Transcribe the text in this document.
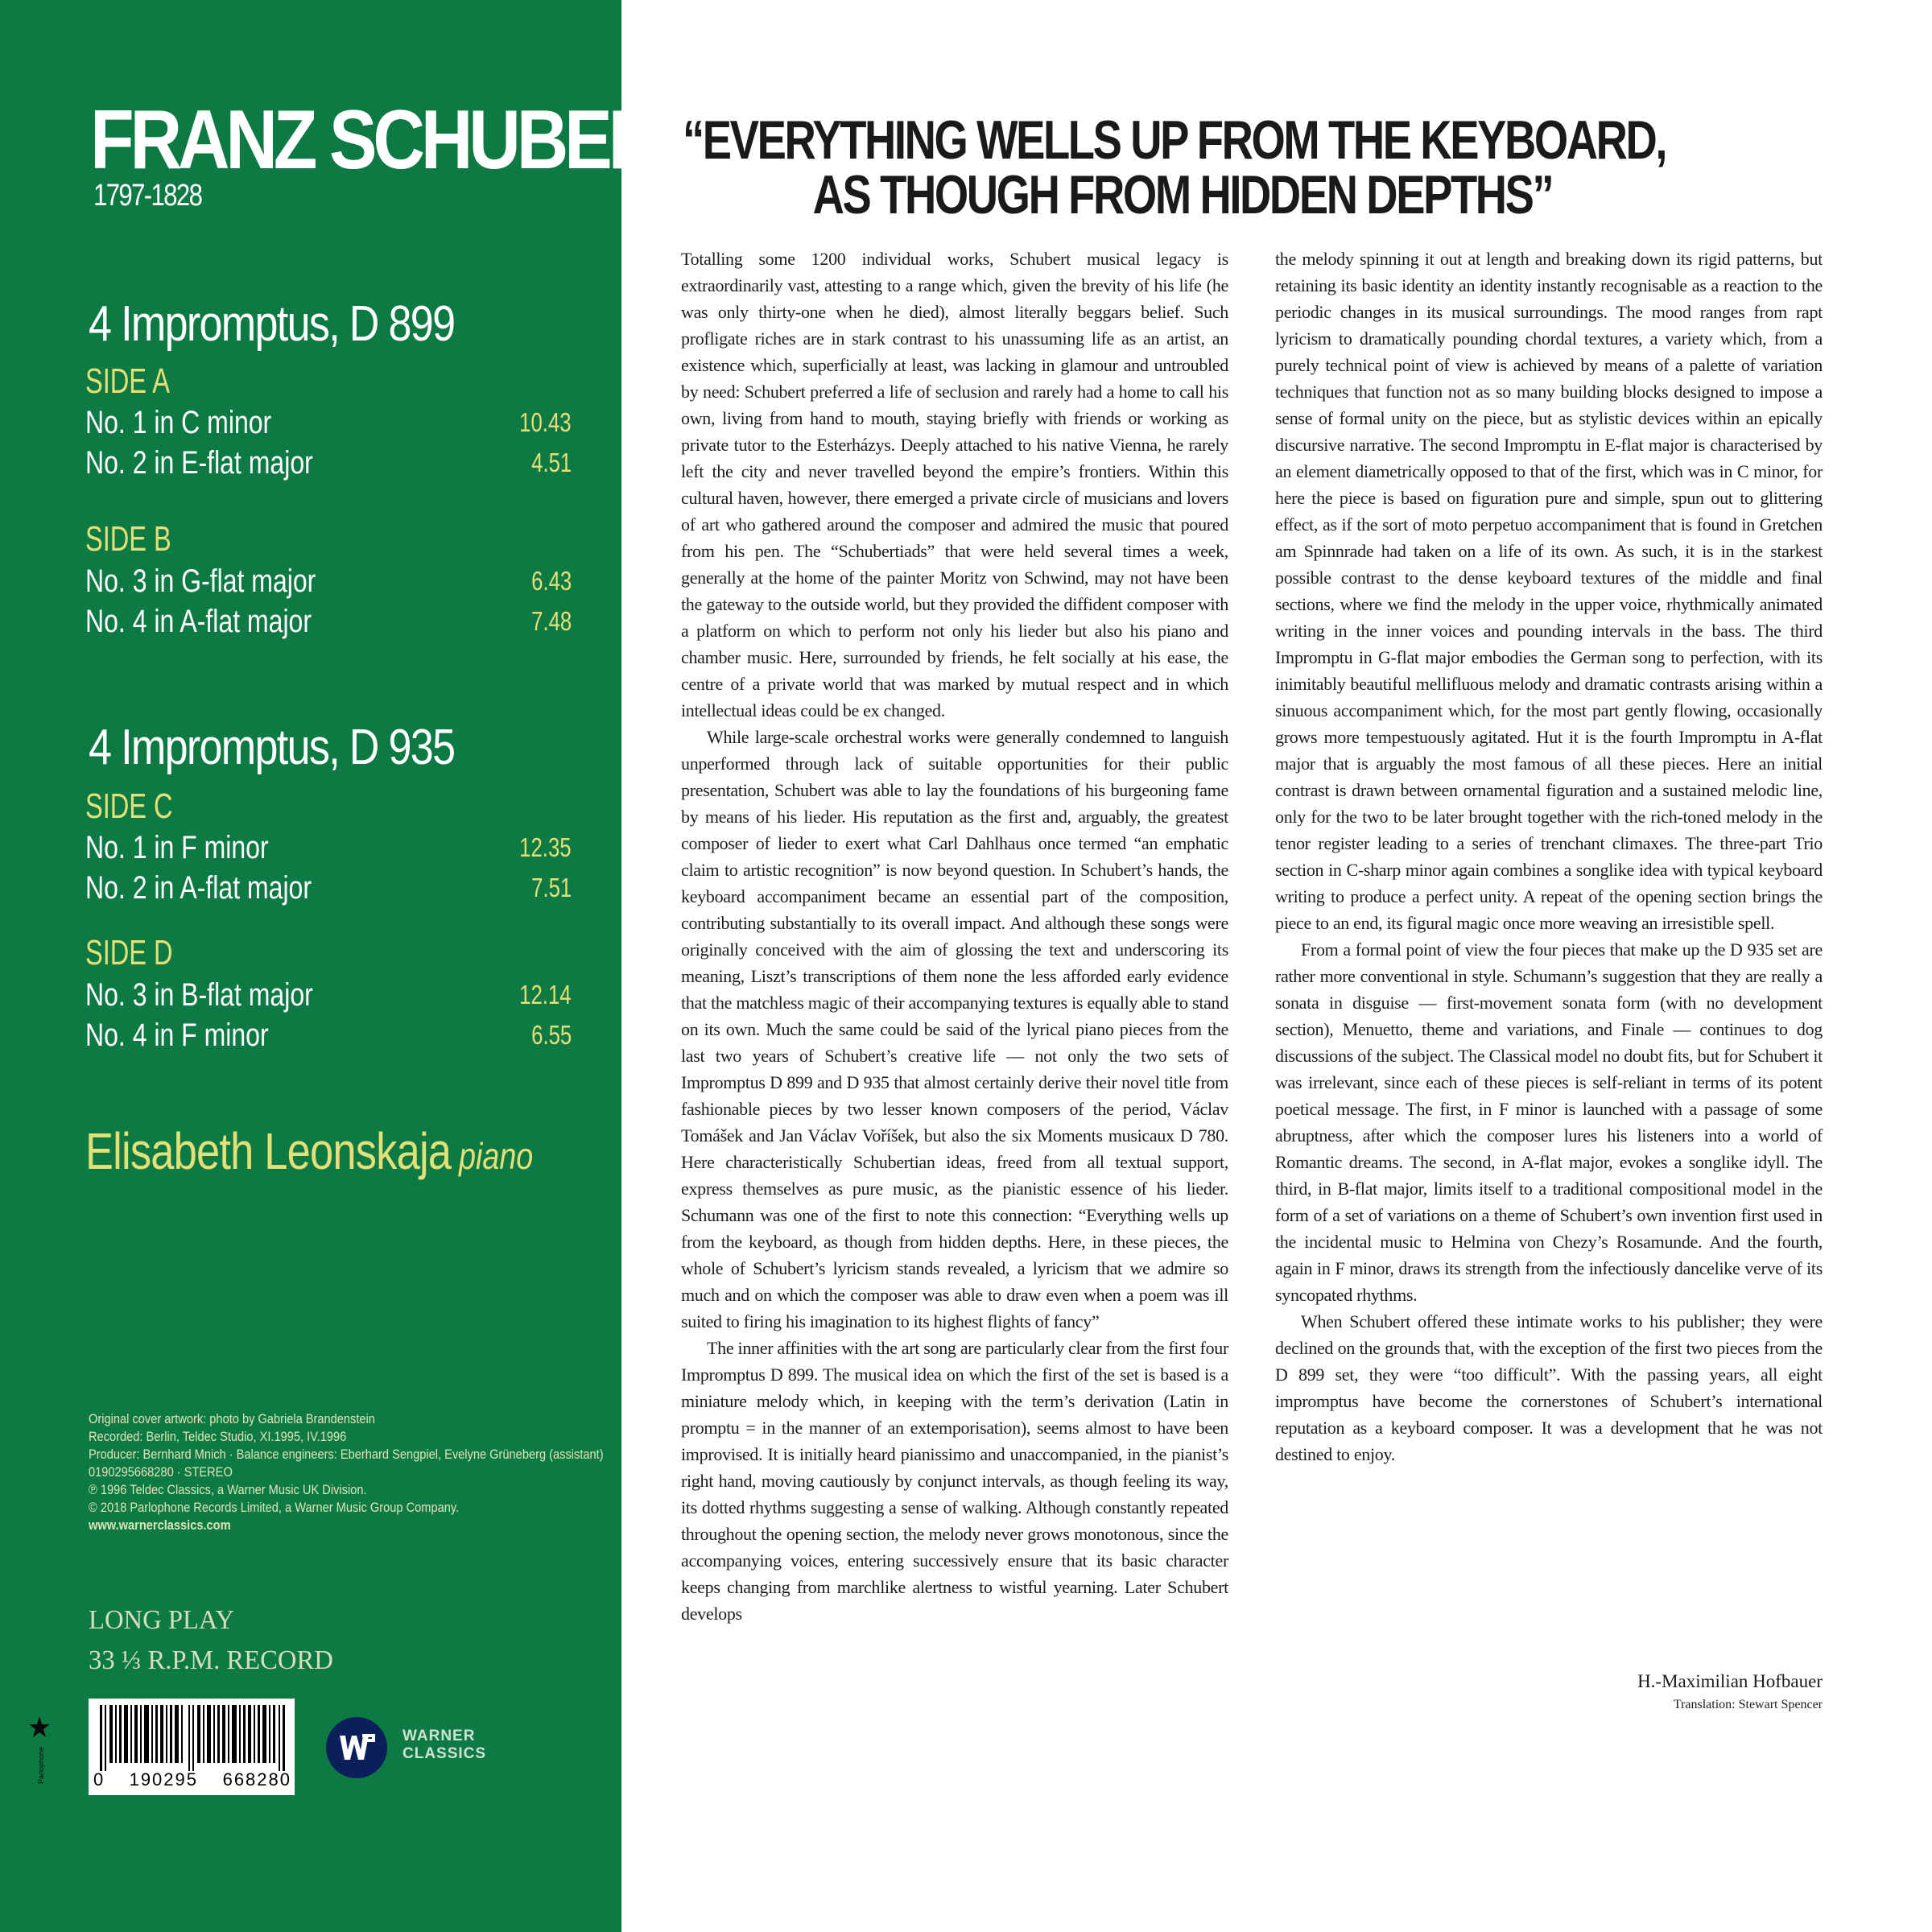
FRANZ SCHUBERT
1797-1828
4 Impromptus, D 899
SIDE A
No. 1 in C minor	10.43
No. 2 in E-flat major	4.51
SIDE B
No. 3 in G-flat major	6.43
No. 4 in A-flat major	7.48
4 Impromptus, D 935
SIDE C
No. 1 in F minor	12.35
No. 2 in A-flat major	7.51
SIDE D
No. 3 in B-flat major	12.14
No. 4 in F minor	6.55
Elisabeth Leonskaja piano
Original cover artwork: photo by Gabriela Brandenstein
Recorded: Berlin, Teldec Studio, XI.1995, IV.1996
Producer: Bernhard Mnich · Balance engineers: Eberhard Sengpiel, Evelyne Grüneberg (assistant)
0190295668280 · STEREO
℗ 1996 Teldec Classics, a Warner Music UK Division.
© 2018 Parlophone Records Limited, a Warner Music Group Company.
www.warnerclassics.com
LONG PLAY
33 ⅓ R.P.M. RECORD
Parlophone	0 190295 668280
WARNER
CLASSICS
“EVERYTHING WELLS UP FROM THE KEYBOARD,
AS THOUGH FROM HIDDEN DEPTHS”

Totalling some 1200 individual works, Schubert musical legacy is extraordinarily vast, attesting to a range which, given the brevity of his life (he was only thirty-one when he died), almost literally beggars belief. Such profligate riches are in stark contrast to his unassuming life as an artist, an existence which, superficially at least, was lacking in glamour and untroubled by need: Schubert preferred a life of seclusion and rarely had a home to call his own, living from hand to mouth, staying briefly with friends or working as private tutor to the Esterházys. Deeply attached to his native Vienna, he rarely left the city and never travelled beyond the empire’s frontiers. Within this cultural haven, however, there emerged a private circle of musicians and lovers of art who gathered around the composer and admired the music that poured from his pen. The “Schubertiads” that were held several times a week, generally at the home of the painter Moritz von Schwind, may not have been the gateway to the outside world, but they provided the diffident composer with a platform on which to perform not only his lieder but also his piano and chamber music. Here, surrounded by friends, he felt socially at his ease, the centre of a private world that was marked by mutual respect and in which intellectual ideas could be ex changed.

While large-scale orchestral works were generally condemned to languish unperformed through lack of suitable opportunities for their public presentation, Schubert was able to lay the foundations of his burgeoning fame by means of his lieder. His reputation as the first and, arguably, the greatest composer of lieder to exert what Carl Dahlhaus once termed “an emphatic claim to artistic recognition” is now beyond question. In Schubert’s hands, the keyboard accompaniment became an essential part of the composition, contributing substantially to its overall impact. And although these songs were originally conceived with the aim of glossing the text and underscoring its meaning, Liszt’s transcriptions of them none the less afforded early evidence that the matchless magic of their accompanying textures is equally able to stand on its own. Much the same could be said of the lyrical piano pieces from the last two years of Schubert’s creative life — not only the two sets of Impromptus D 899 and D 935 that almost certainly derive their novel title from fashionable pieces by two lesser known composers of the period, Václav Tomášek and Jan Václav Voříšek, but also the six Moments musicaux D 780. Here characteristically Schubertian ideas, freed from all textual support, express themselves as pure music, as the pianistic essence of his lieder. Schumann was one of the first to note this connection: “Everything wells up from the keyboard, as though from hidden depths. Here, in these pieces, the whole of Schubert’s lyricism stands revealed, a lyricism that we admire so much and on which the composer was able to draw even when a poem was ill suited to firing his imagination to its highest flights of fancy”

The inner affinities with the art song are particularly clear from the first four Impromptus D 899. The musical idea on which the first of the set is based is a miniature melody which, in keeping with the term’s derivation (Latin in promptu = in the manner of an extemporisation), seems almost to have been improvised. It is initially heard pianissimo and unaccompanied, in the pianist’s right hand, moving cautiously by conjunct intervals, as though feeling its way, its dotted rhythms suggesting a sense of walking. Although constantly repeated throughout the opening section, the melody never grows monotonous, since the accompanying voices, entering successively ensure that its basic character keeps changing from marchlike alertness to wistful yearning. Later Schubert develops

the melody spinning it out at length and breaking down its rigid patterns, but retaining its basic identity an identity instantly recognisable as a reaction to the periodic changes in its musical surroundings. The mood ranges from rapt lyricism to dramatically pounding chordal textures, a variety which, from a purely technical point of view is achieved by means of a palette of variation techniques that function not as so many building blocks designed to impose a sense of formal unity on the piece, but as stylistic devices within an epically discursive narrative. The second Impromptu in E-flat major is characterised by an element diametrically opposed to that of the first, which was in C minor, for here the piece is based on figuration pure and simple, spun out to glittering effect, as if the sort of moto perpetuo accompaniment that is found in Gretchen am Spinnrade had taken on a life of its own. As such, it is in the starkest possible contrast to the dense keyboard textures of the middle and final sections, where we find the melody in the upper voice, rhythmically animated writing in the inner voices and pounding intervals in the bass. The third Impromptu in G-flat major embodies the German song to perfection, with its inimitably beautiful mellifluous melody and dramatic contrasts arising within a sinuous accompaniment which, for the most part gently flowing, occasionally grows more tempestuously agitated. Hut it is the fourth Impromptu in A-flat major that is arguably the most famous of all these pieces. Here an initial contrast is drawn between ornamental figuration and a sustained melodic line, only for the two to be later brought together with the rich-toned melody in the tenor register leading to a series of trenchant climaxes. The three-part Trio section in C-sharp minor again combines a songlike idea with typical keyboard writing to produce a perfect unity. A repeat of the opening section brings the piece to an end, its figural magic once more weaving an irresistible spell.

From a formal point of view the four pieces that make up the D 935 set are rather more conventional in style. Schumann’s suggestion that they are really a sonata in disguise — first-movement sonata form (with no development section), Menuetto, theme and variations, and Finale — continues to dog discussions of the subject. The Classical model no doubt fits, but for Schubert it was irrelevant, since each of these pieces is self-reliant in terms of its potent poetical message. The first, in F minor is launched with a passage of some abruptness, after which the composer lures his listeners into a world of Romantic dreams. The second, in A-flat major, evokes a songlike idyll. The third, in B-flat major, limits itself to a traditional compositional model in the form of a set of variations on a theme of Schubert’s own invention first used in the incidental music to Helmina von Chezy’s Rosamunde. And the fourth, again in F minor, draws its strength from the infectiously dancelike verve of its syncopated rhythms.

When Schubert offered these intimate works to his publisher; they were declined on the grounds that, with the exception of the first two pieces from the D 899 set, they were “too difficult”. With the passing years, all eight impromptus have become the cornerstones of Schubert’s international reputation as a keyboard composer. It was a development that he was not destined to enjoy.

H.-Maximilian Hofbauer
Translation: Stewart Spencer
